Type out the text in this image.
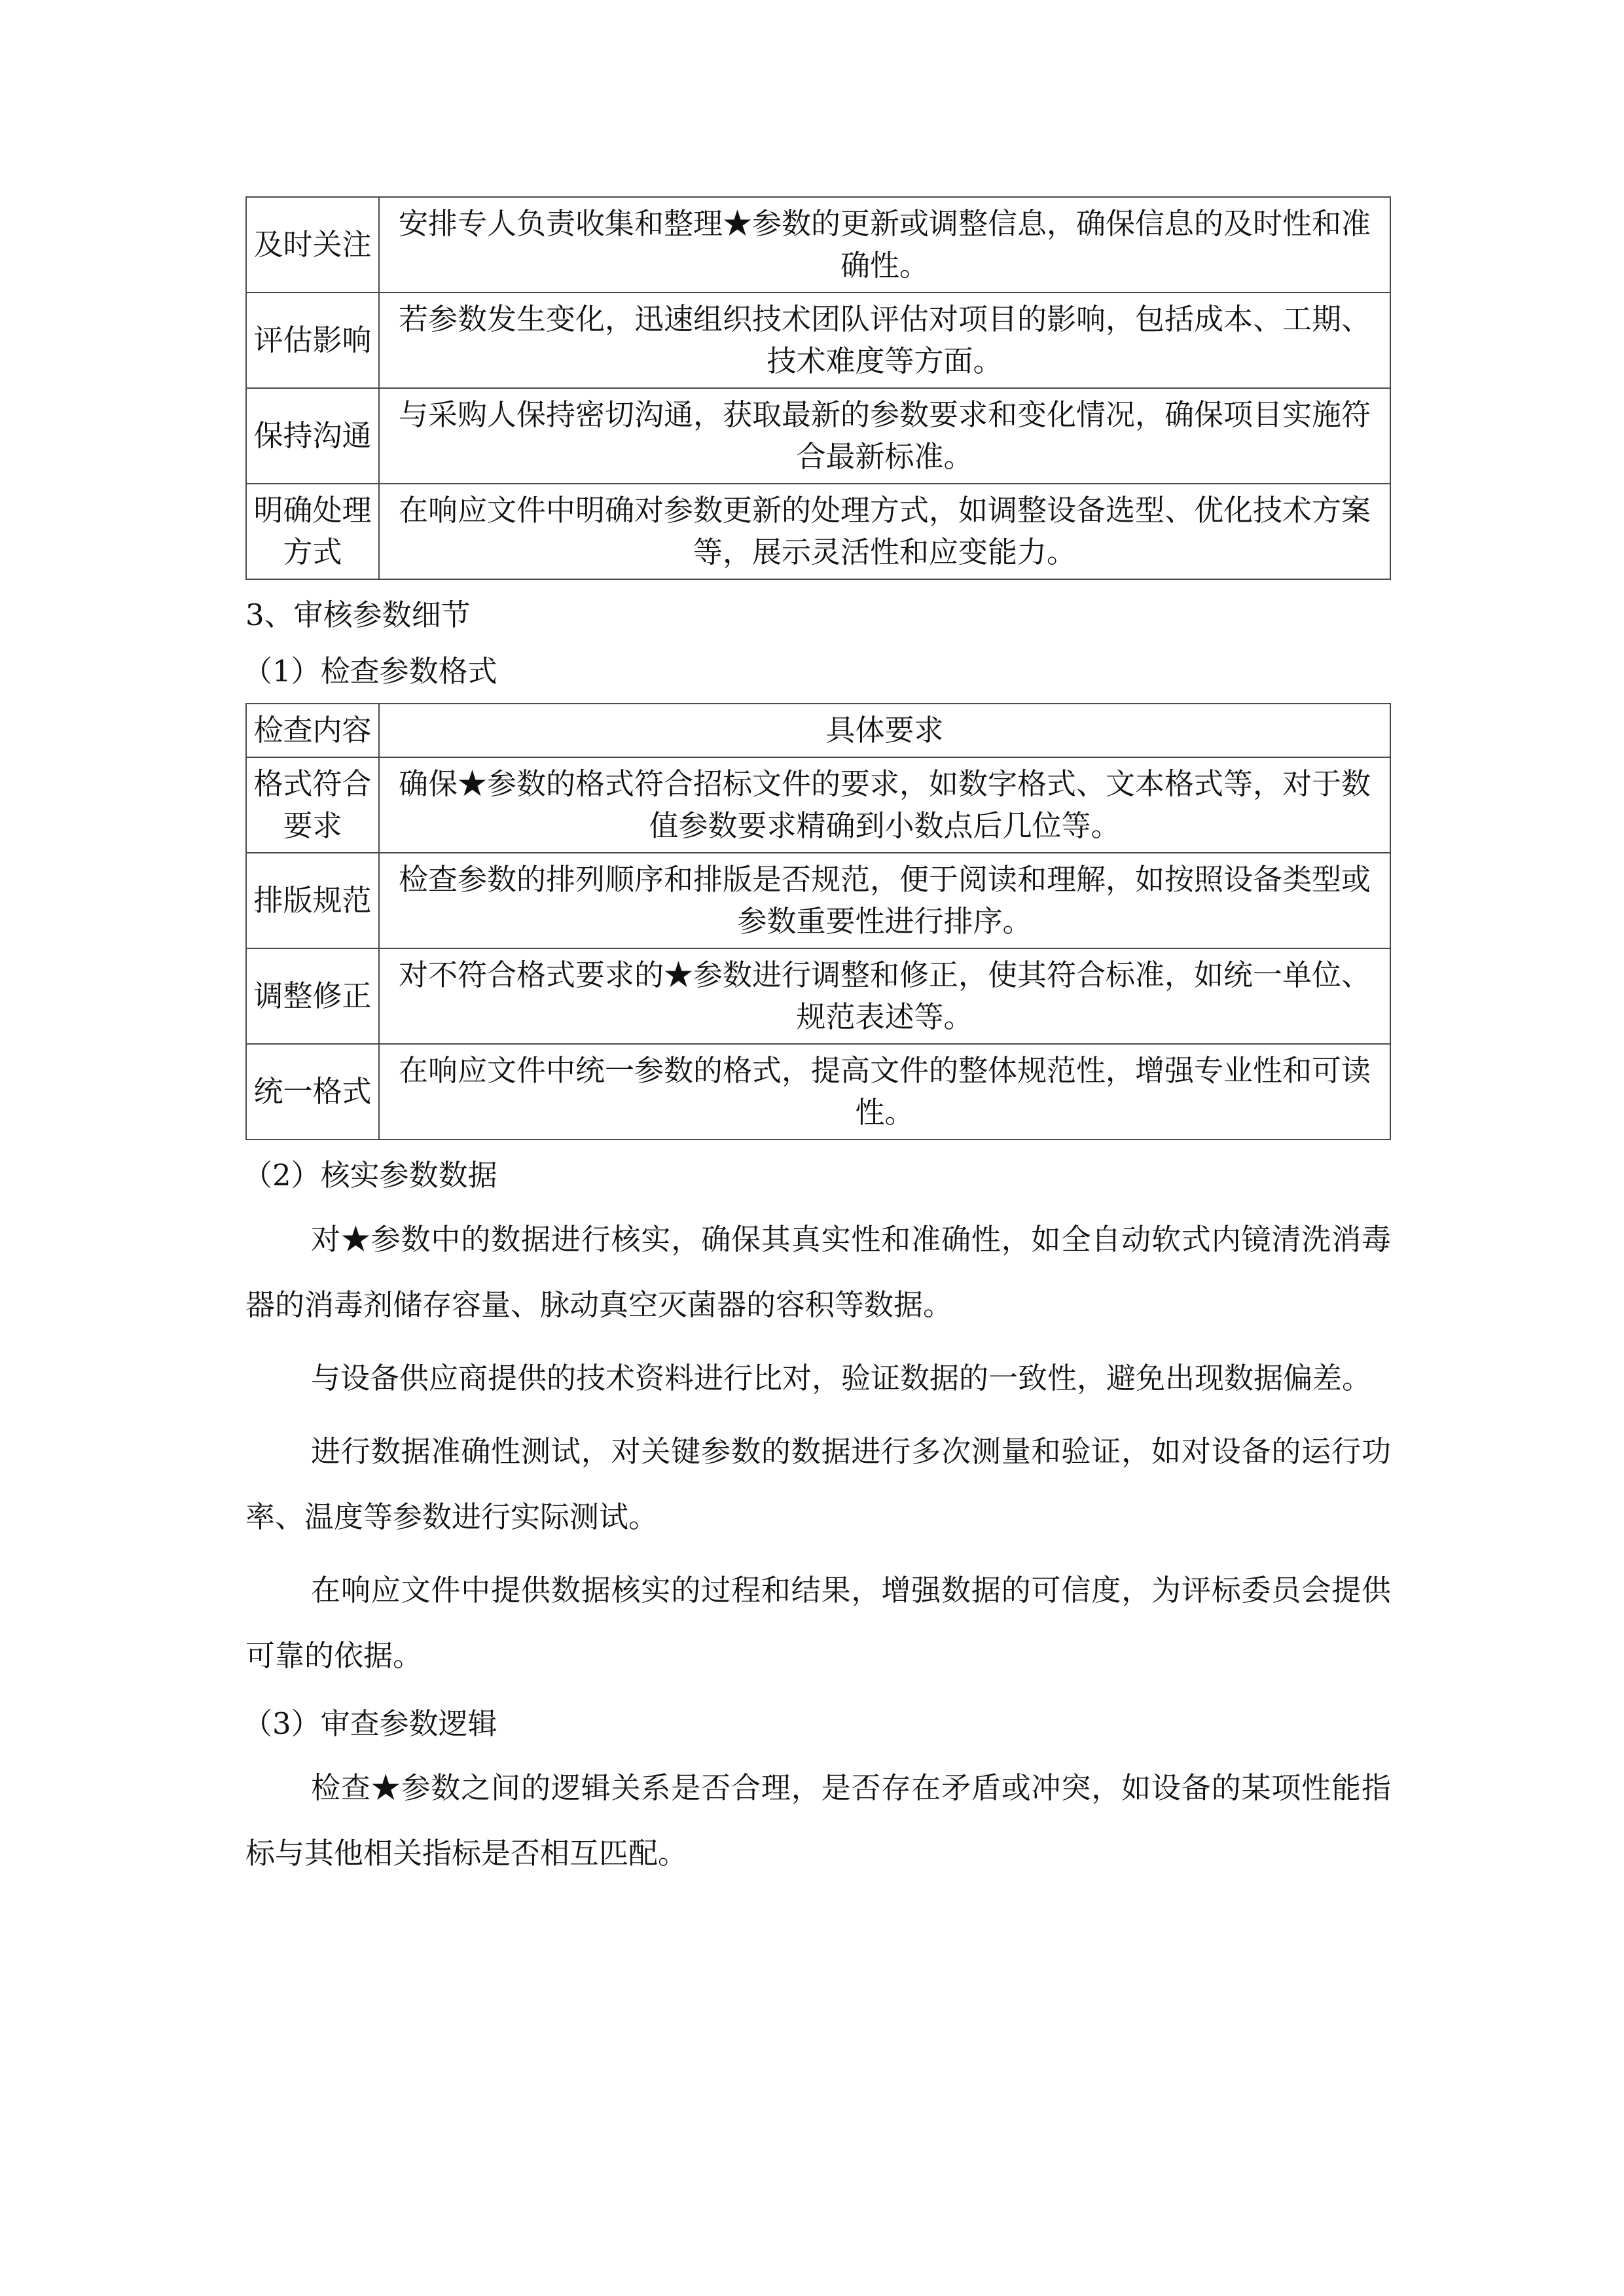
及时关注	安排专人负责收集和整理★参数的更新或调整信息，确保信息的及时性和准确性。
评估影响	若参数发生变化，迅速组织技术团队评估对项目的影响，包括成本、工期、技术难度等方面。
保持沟通	与采购人保持密切沟通，获取最新的参数要求和变化情况，确保项目实施符合最新标准。
明确处理方式	在响应文件中明确对参数更新的处理方式，如调整设备选型、优化技术方案等，展示灵活性和应变能力。
3、审核参数细节
（1）检查参数格式
检查内容	具体要求
格式符合要求	确保★参数的格式符合招标文件的要求，如数字格式、文本格式等，对于数值参数要求精确到小数点后几位等。
排版规范	检查参数的排列顺序和排版是否规范，便于阅读和理解，如按照设备类型或参数重要性进行排序。
调整修正	对不符合格式要求的★参数进行调整和修正，使其符合标准，如统一单位、规范表述等。
统一格式	在响应文件中统一参数的格式，提高文件的整体规范性，增强专业性和可读性。
（2）核实参数数据

对★参数中的数据进行核实，确保其真实性和准确性，如全自动软式内镜清洗消毒器的消毒剂储存容量、脉动真空灭菌器的容积等数据。

与设备供应商提供的技术资料进行比对，验证数据的一致性，避免出现数据偏差。

进行数据准确性测试，对关键参数的数据进行多次测量和验证，如对设备的运行功率、温度等参数进行实际测试。

在响应文件中提供数据核实的过程和结果，增强数据的可信度，为评标委员会提供可靠的依据。

（3）审查参数逻辑

检查★参数之间的逻辑关系是否合理，是否存在矛盾或冲突，如设备的某项性能指标与其他相关指标是否相互匹配。
